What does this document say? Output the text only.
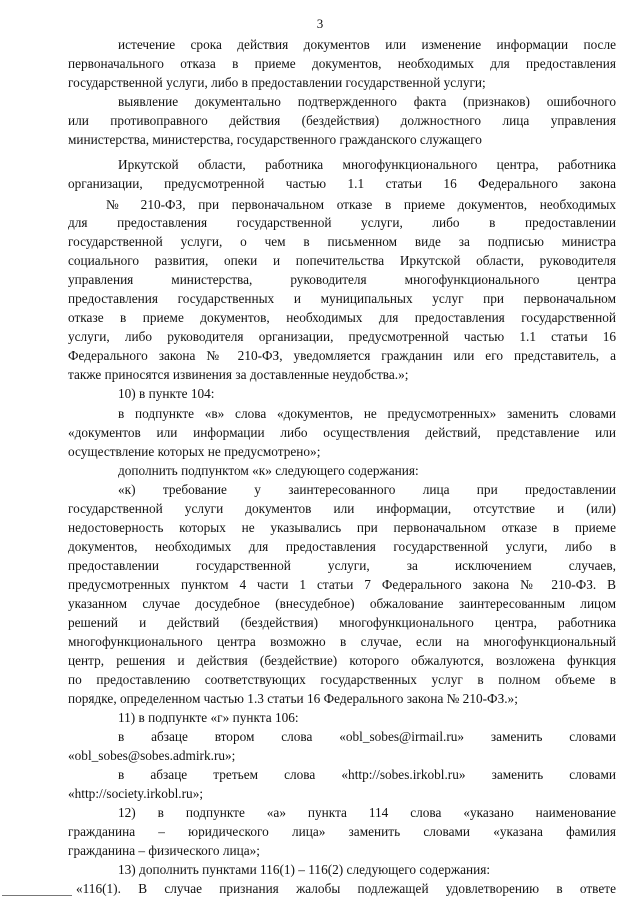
3
истечение срока действия документов или изменение информации после
первоначального отказа в приеме документов, необходимых для предоставления
государственной услуги, либо в предоставлении государственной услуги;
выявление документально подтвержденного факта (признаков) ошибочного
или противоправного действия (бездействия) должностного лица управления
министерства, министерства, государственного гражданского служащего
Иркутской области, работника многофункционального центра, работника
организации, предусмотренной частью 1.1 статьи 16 Федерального закона
№ 210-ФЗ, при первоначальном отказе в приеме документов, необходимых
для предоставления государственной услуги, либо в предоставлении
государственной услуги, о чем в письменном виде за подписью министра
социального развития, опеки и попечительства Иркутской области, руководителя
управления министерства, руководителя многофункционального центра
предоставления государственных и муниципальных услуг при первоначальном
отказе в приеме документов, необходимых для предоставления государственной
услуги, либо руководителя организации, предусмотренной частью 1.1 статьи 16
Федерального закона № 210-ФЗ, уведомляется гражданин или его представитель, а
также приносятся извинения за доставленные неудобства.»;
10) в пункте 104:
в подпункте «в» слова «документов, не предусмотренных» заменить словами
«документов или информации либо осуществления действий, представление или
осуществление которых не предусмотрено»;
дополнить подпунктом «к» следующего содержания:
«к) требование у заинтересованного лица при предоставлении
государственной услуги документов или информации, отсутствие и (или)
недостоверность которых не указывались при первоначальном отказе в приеме
документов, необходимых для предоставления государственной услуги, либо в
предоставлении государственной услуги, за исключением случаев,
предусмотренных пунктом 4 части 1 статьи 7 Федерального закона № 210-ФЗ. В
указанном случае досудебное (внесудебное) обжалование заинтересованным лицом
решений и действий (бездействия) многофункционального центра, работника
многофункционального центра возможно в случае, если на многофункциональный
центр, решения и действия (бездействие) которого обжалуются, возложена функция
по предоставлению соответствующих государственных услуг в полном объеме в
порядке, определенном частью 1.3 статьи 16 Федерального закона № 210-ФЗ.»;
11) в подпункте «г» пункта 106:
в абзаце втором слова «obl_sobes@irmail.ru» заменить словами
«obl_sobes@sobes.admirk.ru»;
в абзаце третьем слова «http://sobes.irkobl.ru» заменить словами
«http://society.irkobl.ru»;
12) в подпункте «а» пункта 114 слова «указано наименование
гражданина – юридического лица» заменить словами «указана фамилия
гражданина – физического лица»;
13) дополнить пунктами 116(1) – 116(2) следующего содержания:
«116(1). В случае признания жалобы подлежащей удовлетворению в ответе
